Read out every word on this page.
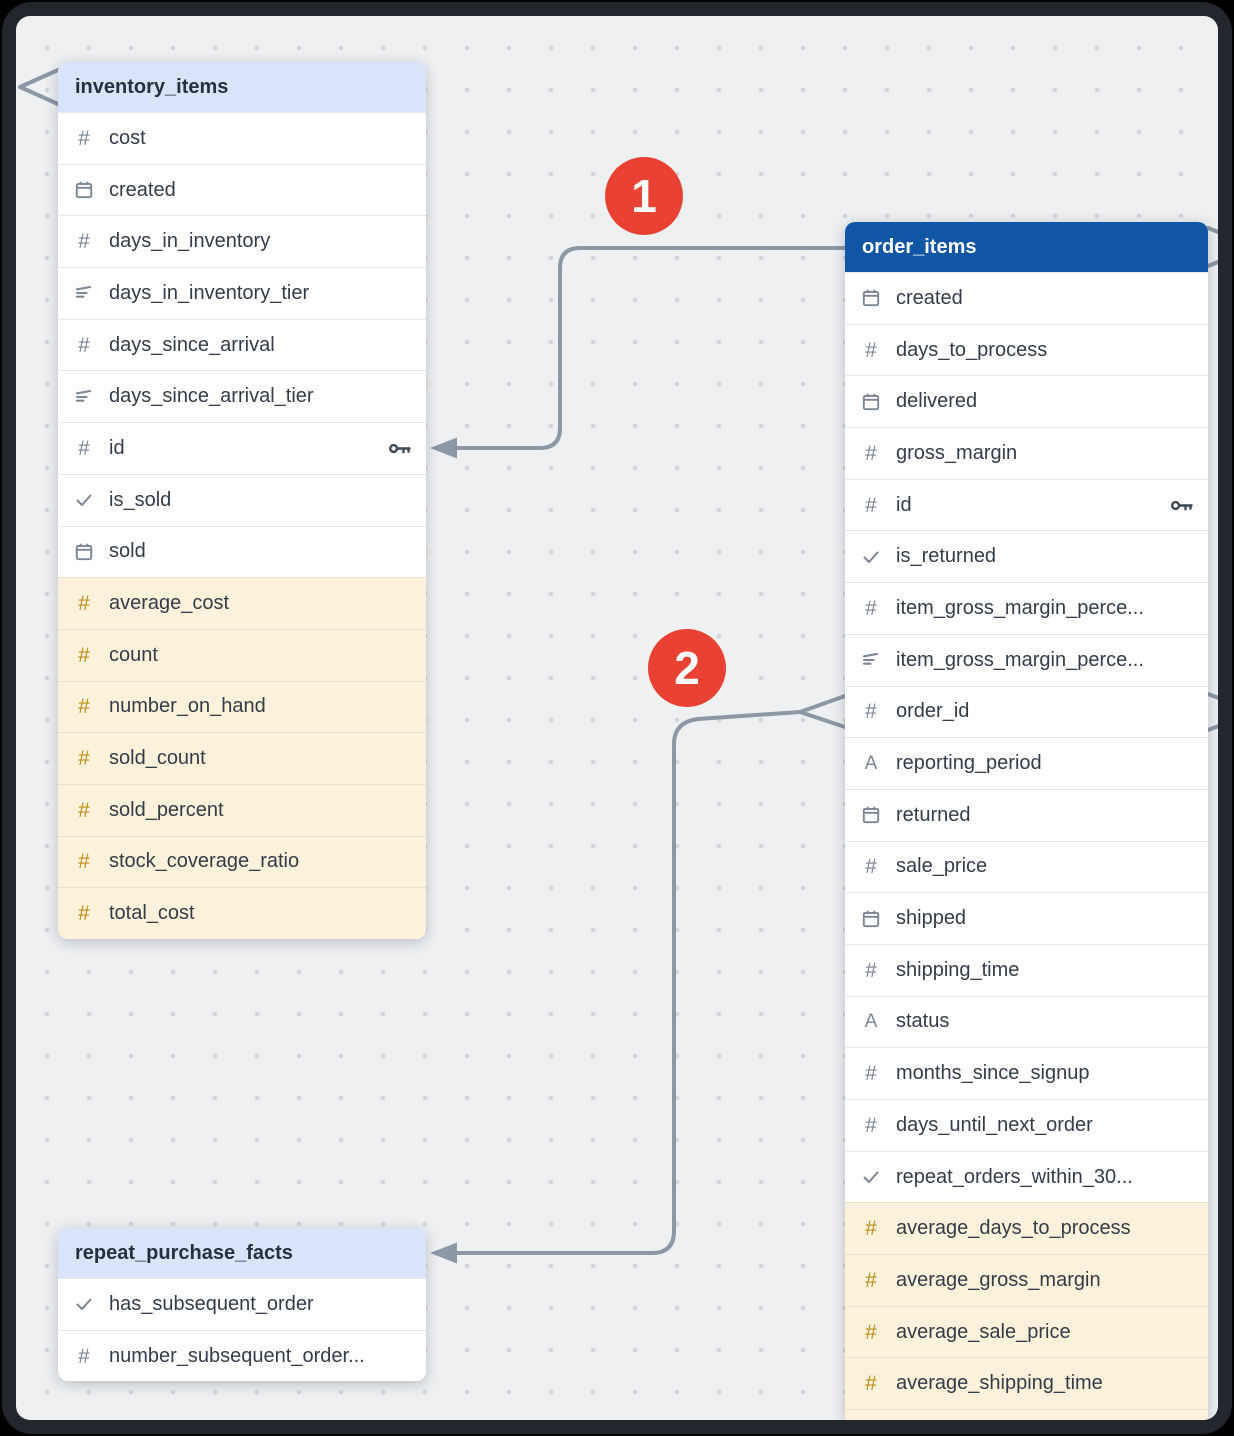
inventory_items
# cost
created
# days_in_inventory
days_in_inventory_tier
# days_since_arrival
days_since_arrival_tier
# id
is_sold
sold
# average_cost
# count
# number_on_hand
# sold_count
# sold_percent
# stock_coverage_ratio
# total_cost
order_items
created
# days_to_process
delivered
# gross_margin
# id
is_returned
# item_gross_margin_perce...
item_gross_margin_perce...
# order_id
A reporting_period
returned
# sale_price
shipped
# shipping_time
A status
# months_since_signup
# days_until_next_order
repeat_orders_within_30...
# average_days_to_process
# average_gross_margin
# average_sale_price
# average_shipping_time
repeat_purchase_facts
has_subsequent_order
# number_subsequent_order...
1
2
